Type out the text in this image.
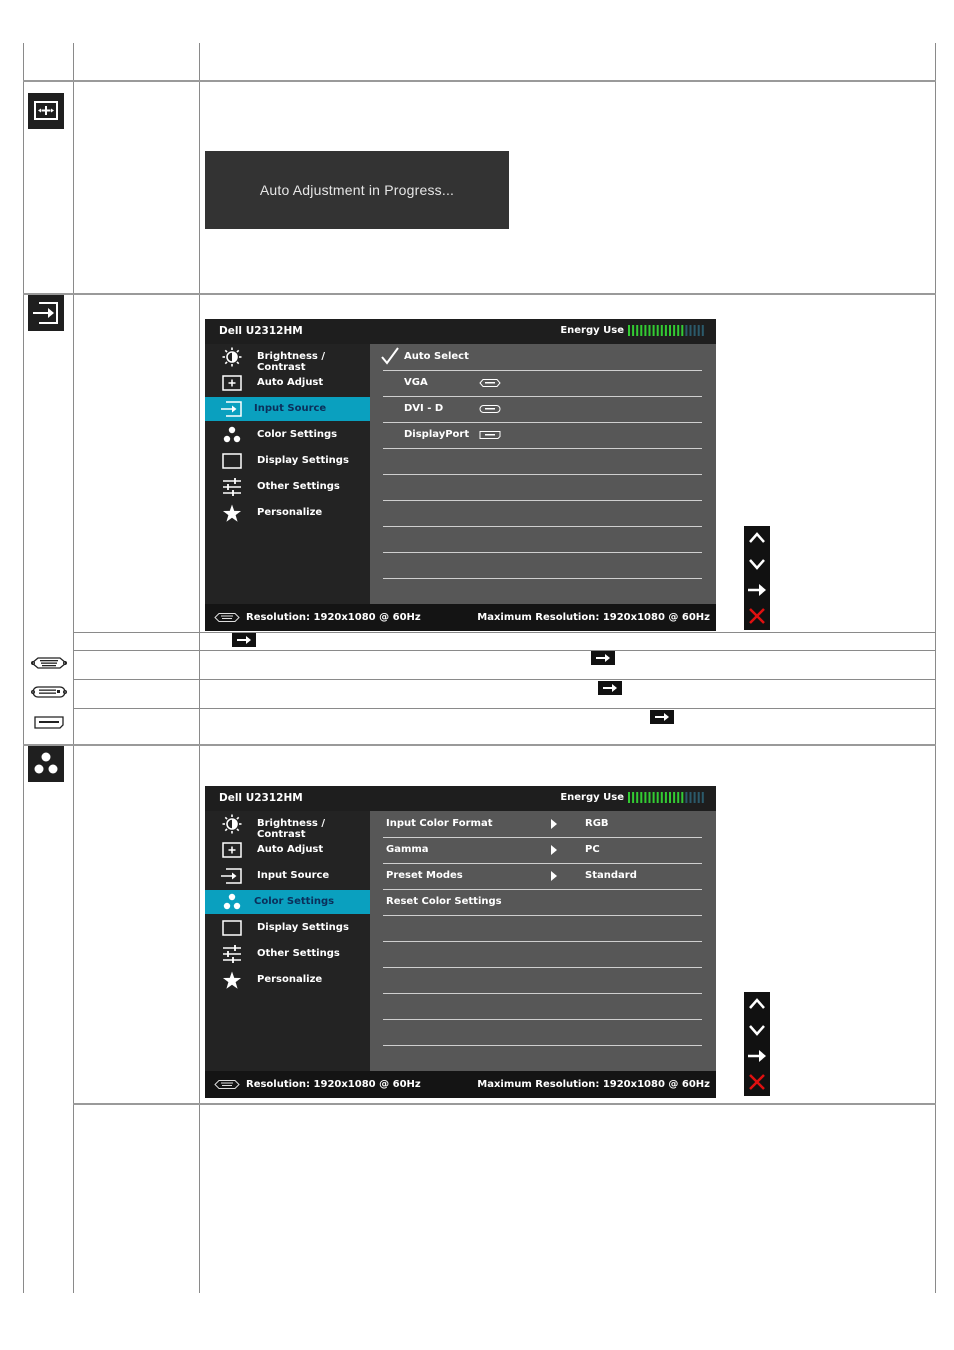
Auto Adjustment in Progress...
Dell U2312HM	Energy Use
Brightness / Contrast
Auto Adjust
Input Source
Color Settings
Display Settings
Other Settings
Personalize
Auto Select
VGA
DVI - D
DisplayPort
Resolution: 1920x1080 @ 60Hz	Maximum Resolution: 1920x1080 @ 60Hz
Dell U2312HM	Energy Use
Brightness / Contrast
Auto Adjust
Input Source
Color Settings
Display Settings
Other Settings
Personalize
Input Color Format	RGB
Gamma	PC
Preset Modes	Standard
Reset Color Settings
Resolution: 1920x1080 @ 60Hz	Maximum Resolution: 1920x1080 @ 60Hz
